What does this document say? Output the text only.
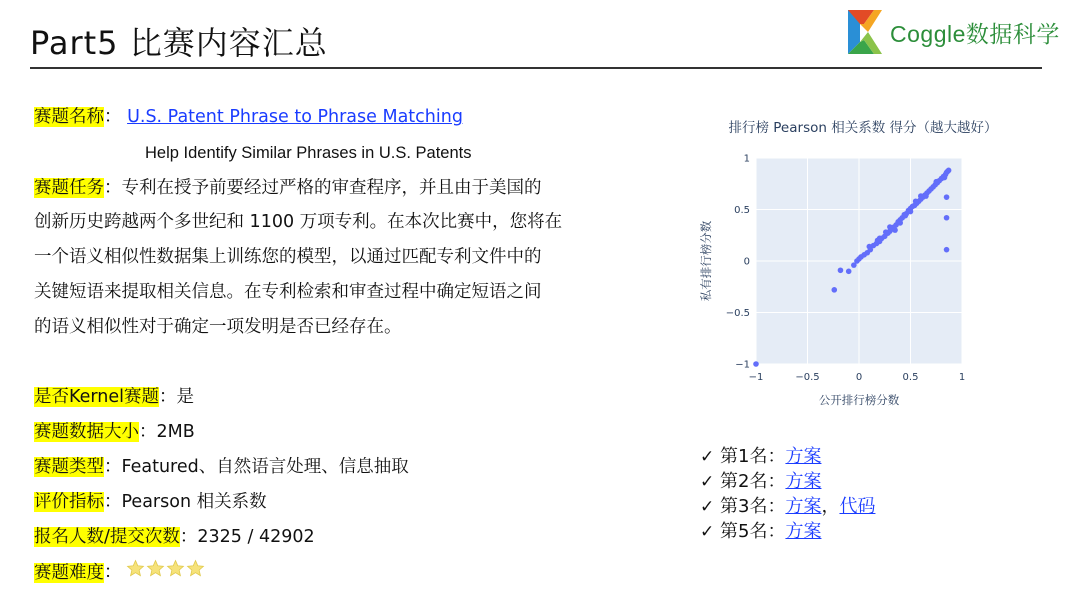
Part5 比赛内容汇总	Coggle数据科学
赛题名称： U.S. Patent Phrase to Phrase Matching
Help Identify Similar Phrases in U.S. Patents
赛题任务：专利在授予前要经过严格的审查程序，并且由于美国的
创新历史跨越两个多世纪和 1100 万项专利。在本次比赛中，您将在
一个语义相似性数据集上训练您的模型，以通过匹配专利文件中的
关键短语来提取相关信息。在专利检索和审查过程中确定短语之间
的语义相似性对于确定一项发明是否已经存在。
是否Kernel赛题：是
赛题数据大小：2MB
赛题类型：Featured、自然语言处理、信息抽取
评价指标：Pearson 相关系数
报名人数/提交次数：2325 / 42902
赛题难度：
排行榜 Pearson 相关系数 得分（越大越好）
−1	−0.5	0	0.5	1
−1
−0.5
0
0.5
1
公开排行榜分数
私有排行榜分数
✓ 第1名：方案
✓ 第2名：方案
✓ 第3名：方案，代码
✓ 第5名：方案
